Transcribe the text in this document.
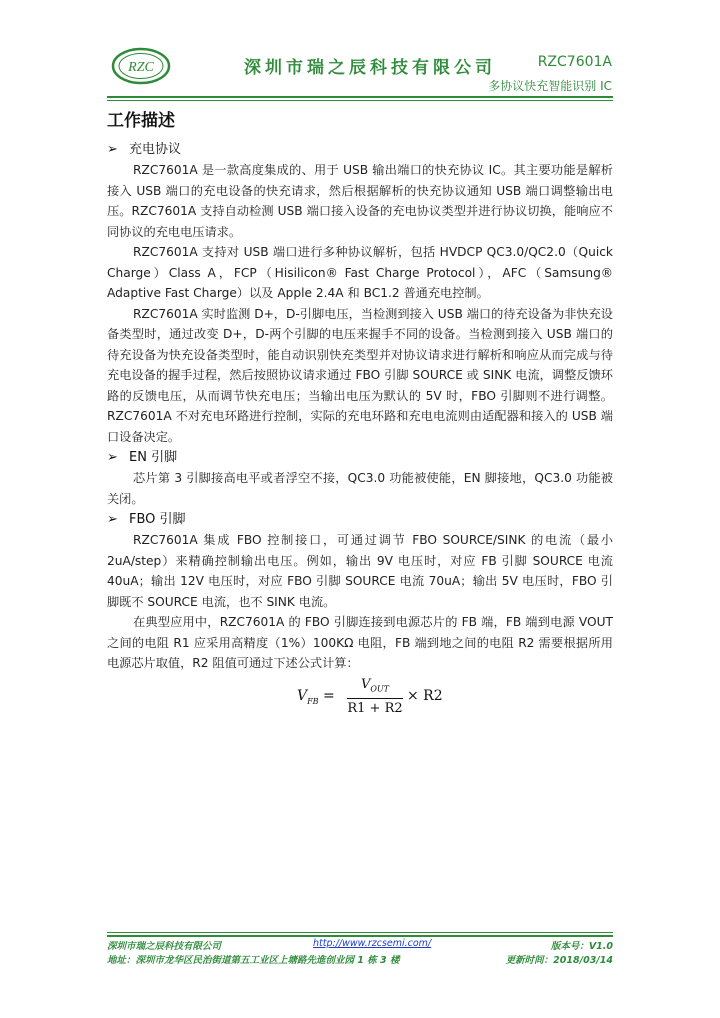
RZC	深圳市瑞之辰科技有限公司	RZC7601A
多协议快充智能识别 IC
工作描述
➢ 充电协议

RZC7601A 是一款高度集成的、用于 USB 输出端口的快充协议 IC。其主要功能是解析接入 USB 端口的充电设备的快充请求，然后根据解析的快充协议通知 USB 端口调整输出电压。RZC7601A 支持自动检测 USB 端口接入设备的充电协议类型并进行协议切换，能响应不同协议的充电电压请求。

RZC7601A 支持对 USB 端口进行多种协议解析，包括 HVDCP QC3.0/QC2.0（Quick Charge）Class A，FCP（Hisilicon® Fast Charge Protocol），AFC（Samsung® Adaptive Fast Charge）以及 Apple 2.4A 和 BC1.2 普通充电控制。

RZC7601A 实时监测 D+，D-引脚电压，当检测到接入 USB 端口的待充设备为非快充设备类型时，通过改变 D+，D-两个引脚的电压来握手不同的设备。当检测到接入 USB 端口的待充设备为快充设备类型时，能自动识别快充类型并对协议请求进行解析和响应从而完成与待充电设备的握手过程，然后按照协议请求通过 FBO 引脚 SOURCE 或 SINK 电流，调整反馈环路的反馈电压，从而调节快充电压；当输出电压为默认的 5V 时，FBO 引脚则不进行调整。RZC7601A 不对充电环路进行控制，实际的充电环路和充电电流则由适配器和接入的 USB 端口设备决定。

➢ EN 引脚

芯片第 3 引脚接高电平或者浮空不接，QC3.0 功能被使能，EN 脚接地，QC3.0 功能被关闭。

➢ FBO 引脚

RZC7601A 集成 FBO 控制接口，可通过调节 FBO SOURCE/SINK 的电流（最小 2uA/step）来精确控制输出电压。例如，输出 9V 电压时，对应 FB 引脚 SOURCE 电流 40uA；输出 12V 电压时，对应 FBO 引脚 SOURCE 电流 70uA；输出 5V 电压时，FBO 引脚既不 SOURCE 电流，也不 SINK 电流。

在典型应用中，RZC7601A 的 FBO 引脚连接到电源芯片的 FB 端，FB 端到电源 VOUT 之间的电阻 R1 应采用高精度（1%）100KΩ 电阻，FB 端到地之间的电阻 R2 需要根据所用电源芯片取值，R2 阻值可通过下述公式计算：

$V_{FB}$ =
$V_{OUT}$
R1 + R2
× R2
深圳市瑞之辰科技有限公司	http://www.rzcsemi.com/	版本号：V1.0
地址：深圳市龙华区民治街道第五工业区上塘路先進创业园 1 栋 3 楼	更新时间：2018/03/14
